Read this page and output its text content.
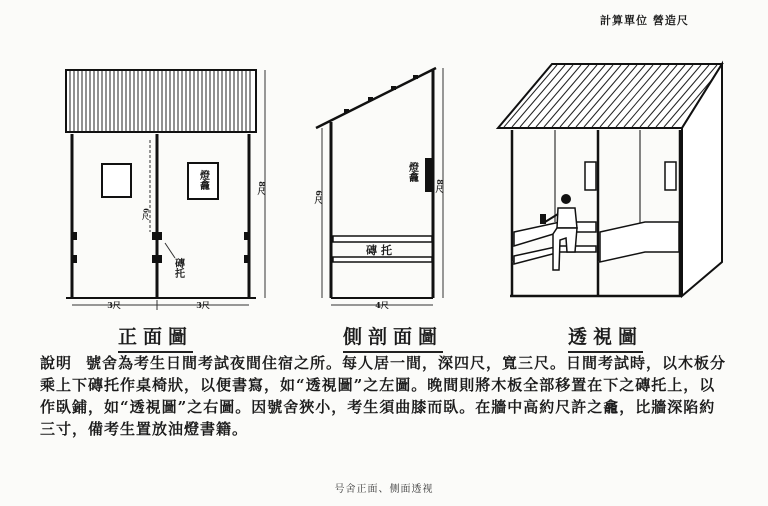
計算單位 營造尺
燈龕
磚托
8尺
6尺
3尺	3尺
燈龕
磚托
6尺
8尺
4尺
正面圖	側剖面圖	透視圖
說明 號舍為考生日間考試夜間住宿之所。每人居一間，深四尺，寬三尺。日間考試時，以木板分乘上下磚托作桌椅狀，以便書寫，如“透視圖”之左圖。晚間則將木板全部移置在下之磚托上，以作臥鋪，如“透視圖”之右圖。因號舍狹小，考生須曲膝而臥。在牆中高約尺許之龕，比牆深陷約三寸，備考生置放油燈書籍。
号舍正面、侧面透视
